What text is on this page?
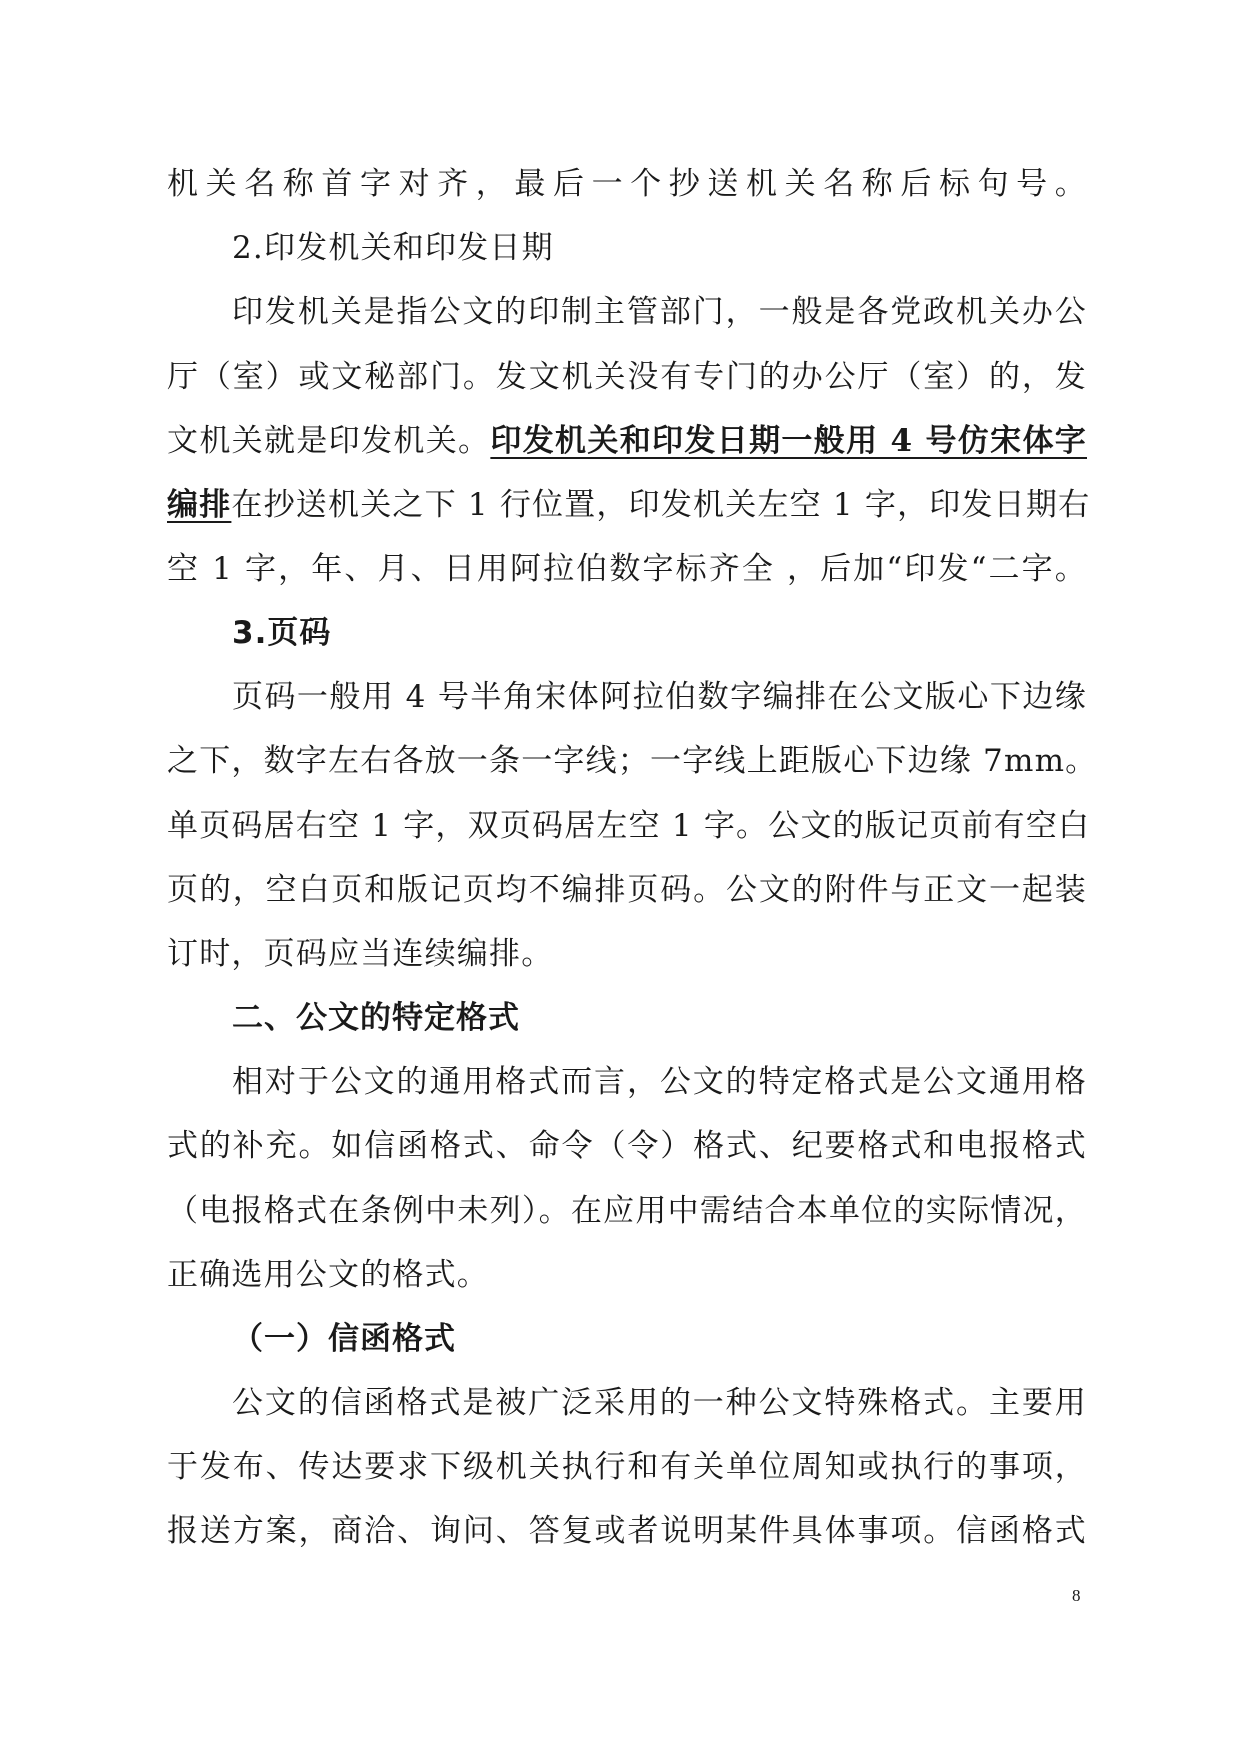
机关名称首字对齐，最后一个抄送机关名称后标句号。
2.印发机关和印发日期
印发机关是指公文的印制主管部门，一般是各党政机关办公
厅（室）或文秘部门。发文机关没有专门的办公厅（室）的，发
文机关就是印发机关。印发机关和印发日期一般用 4 号仿宋体字
编排在抄送机关之下 1 行位置，印发机关左空 1 字，印发日期右
空 1 字，年、月、日用阿拉伯数字标齐全 ，后加“印发“二字。
3.页码
页码一般用 4 号半角宋体阿拉伯数字编排在公文版心下边缘
之下，数字左右各放一条一字线；一字线上距版心下边缘 7mm。
单页码居右空 1 字，双页码居左空 1 字。公文的版记页前有空白
页的，空白页和版记页均不编排页码。公文的附件与正文一起装
订时，页码应当连续编排。
二、公文的特定格式
相对于公文的通用格式而言，公文的特定格式是公文通用格
式的补充。如信函格式、命令（令）格式、纪要格式和电报格式
（电报格式在条例中未列）。在应用中需结合本单位的实际情况，
正确选用公文的格式。
（一）信函格式
公文的信函格式是被广泛采用的一种公文特殊格式。主要用
于发布、传达要求下级机关执行和有关单位周知或执行的事项，
报送方案，商洽、询问、答复或者说明某件具体事项。信函格式
8
